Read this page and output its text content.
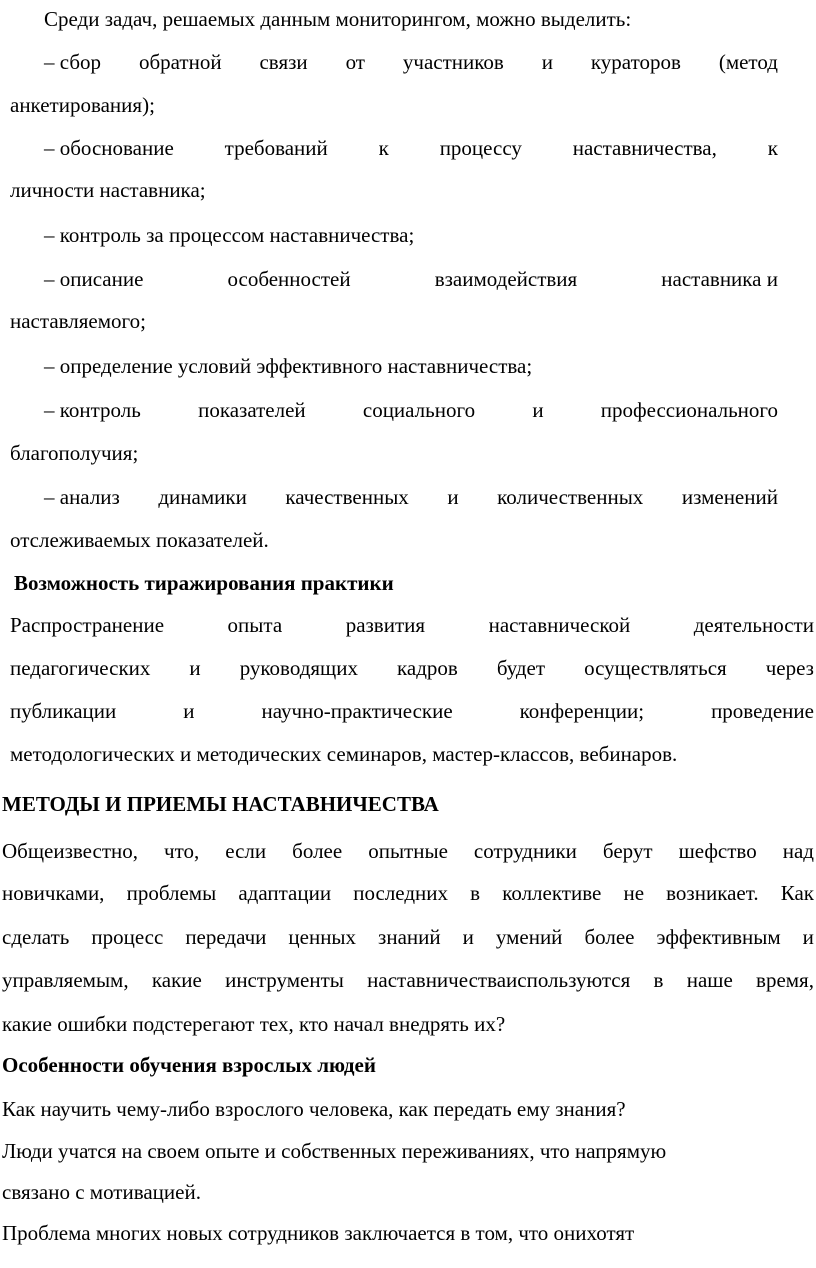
Среди задач, решаемых данным мониторингом, можно выделить:
– сбор обратной связи от участников и кураторов (метод
анкетирования);
– обоснование требований к процессу наставничества, к
личности наставника;
– контроль за процессом наставничества;
– описание	особенностей	взаимодействия	наставника и
наставляемого;
– определение условий эффективного наставничества;
– контроль	показателей	социального	и	профессионального
благополучия;
– анализ динамики качественных и количественных изменений
отслеживаемых показателей.
Возможность тиражирования практики
Распространение	опыта	развития	наставнической	деятельности
педагогических и руководящих кадров будет осуществляться через
публикации	и	научно-практические	конференции;	проведение
методологических и методических семинаров, мастер-классов, вебинаров.
МЕТОДЫ И ПРИЕМЫ НАСТАВНИЧЕСТВА
Общеизвестно, что, если более опытные сотрудники берут шефство над
новичками, проблемы адаптации последних в коллективе не возникает. Как
сделать процесс передачи ценных знаний и умений более эффективным и
управляемым, какие инструменты наставничестваиспользуются в наше время,
какие ошибки подстерегают тех, кто начал внедрять их?
Особенности обучения взрослых людей
Как научить чему-либо взрослого человека, как передать ему знания?
Люди учатся на своем опыте и собственных переживаниях, что напрямую
связано с мотивацией.
Проблема многих новых сотрудников заключается в том, что онихотят
